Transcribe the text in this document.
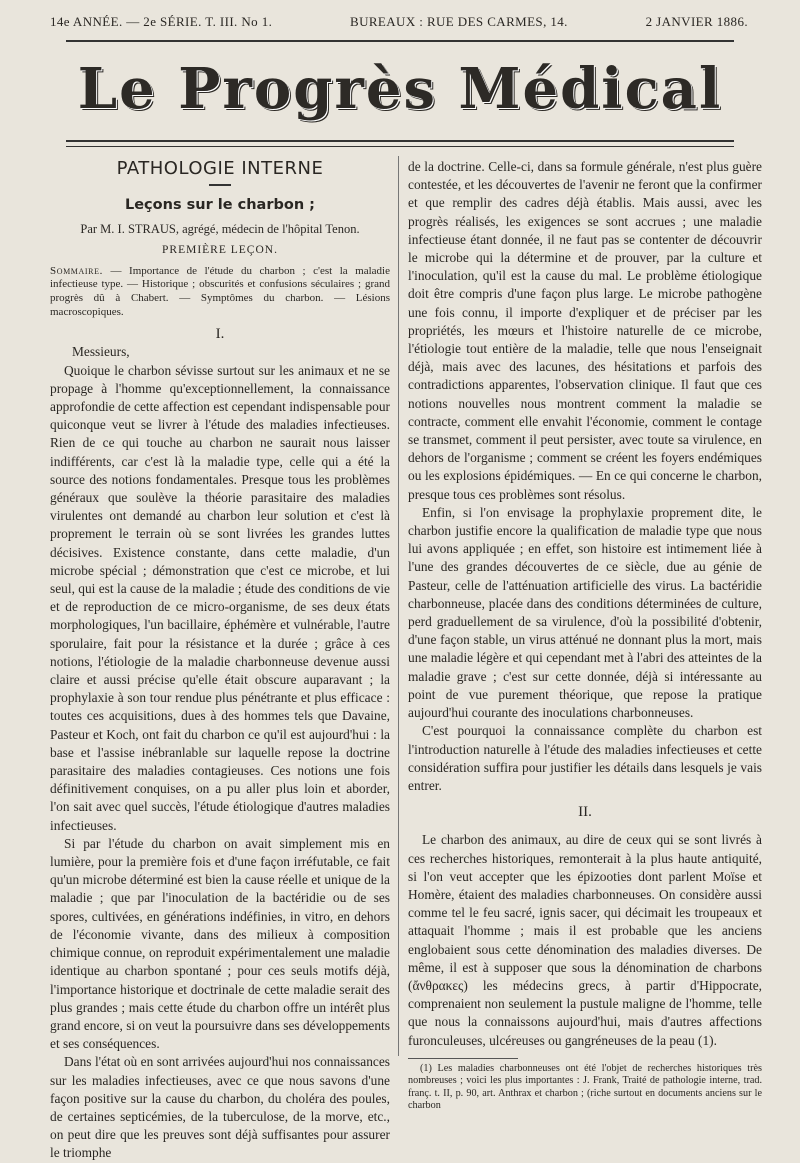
14e ANNÉE. — 2e SÉRIE. T. III. No 1.	BUREAUX : RUE DES CARMES, 14.	2 JANVIER 1886.
Le Progrès Médical
PATHOLOGIE INTERNE
Leçons sur le charbon ;
Par M. I. STRAUS, agrégé, médecin de l'hôpital Tenon.
PREMIÈRE LEÇON.
Sommaire. — Importance de l'étude du charbon ; c'est la maladie infectieuse type. — Historique ; obscurités et confusions séculaires ; grand progrès dû à Chabert. — Symptômes du charbon. — Lésions macroscopiques.
I.
Messieurs,

Quoique le charbon sévisse surtout sur les animaux et ne se propage à l'homme qu'exceptionnellement, la connaissance approfondie de cette affection est cependant indispensable pour quiconque veut se livrer à l'étude des maladies infectieuses. Rien de ce qui touche au charbon ne saurait nous laisser indifférents, car c'est là la maladie type, celle qui a été la source des notions fondamentales. Presque tous les problèmes généraux que soulève la théorie parasitaire des maladies virulentes ont demandé au charbon leur solution et c'est là proprement le terrain où se sont livrées les grandes luttes décisives. Existence constante, dans cette maladie, d'un microbe spécial ; démonstration que c'est ce microbe, et lui seul, qui est la cause de la maladie ; étude des conditions de vie et de reproduction de ce micro-organisme, de ses deux états morphologiques, l'un bacillaire, éphémère et vulnérable, l'autre sporulaire, fait pour la résistance et la durée ; grâce à ces notions, l'étiologie de la maladie charbonneuse devenue aussi claire et aussi précise qu'elle était obscure auparavant ; la prophylaxie à son tour rendue plus pénétrante et plus efficace : toutes ces acquisitions, dues à des hommes tels que Davaine, Pasteur et Koch, ont fait du charbon ce qu'il est aujourd'hui : la base et l'assise inébranlable sur laquelle repose la doctrine parasitaire des maladies contagieuses. Ces notions une fois définitivement conquises, on a pu aller plus loin et aborder, l'on sait avec quel succès, l'étude étiologique d'autres maladies infectieuses.

Si par l'étude du charbon on avait simplement mis en lumière, pour la première fois et d'une façon irréfutable, ce fait qu'un microbe déterminé est bien la cause réelle et unique de la maladie ; que par l'inoculation de la bactéridie ou de ses spores, cultivées, en générations indéfinies, in vitro, en dehors de l'économie vivante, dans des milieux à composition chimique connue, on reproduit expérimentalement une maladie identique au charbon spontané ; pour ces seuls motifs déjà, l'importance historique et doctrinale de cette maladie serait des plus grandes ; mais cette étude du charbon offre un intérêt plus grand encore, si on veut la poursuivre dans ses développements et ses conséquences.

Dans l'état où en sont arrivées aujourd'hui nos connaissances sur les maladies infectieuses, avec ce que nous savons d'une façon positive sur la cause du charbon, du choléra des poules, de certaines septicémies, de la tuberculose, de la morve, etc., on peut dire que les preuves sont déjà suffisantes pour assurer le triomphe

de la doctrine. Celle-ci, dans sa formule générale, n'est plus guère contestée, et les découvertes de l'avenir ne feront que la confirmer et que remplir des cadres déjà établis. Mais aussi, avec les progrès réalisés, les exigences se sont accrues ; une maladie infectieuse étant donnée, il ne faut pas se contenter de découvrir le microbe qui la détermine et de prouver, par la culture et l'inoculation, qu'il est la cause du mal. Le problème étiologique doit être compris d'une façon plus large. Le microbe pathogène une fois connu, il importe d'expliquer et de préciser par les propriétés, les mœurs et l'histoire naturelle de ce microbe, l'étiologie tout entière de la maladie, telle que nous l'enseignait déjà, mais avec des lacunes, des hésitations et parfois des contradictions apparentes, l'observation clinique. Il faut que ces notions nouvelles nous montrent comment la maladie se contracte, comment elle envahit l'économie, comment le contage se transmet, comment il peut persister, avec toute sa virulence, en dehors de l'organisme ; comment se créent les foyers endémiques ou les explosions épidémiques. — En ce qui concerne le charbon, presque tous ces problèmes sont résolus.

Enfin, si l'on envisage la prophylaxie proprement dite, le charbon justifie encore la qualification de maladie type que nous lui avons appliquée ; en effet, son histoire est intimement liée à l'une des grandes découvertes de ce siècle, due au génie de Pasteur, celle de l'atténuation artificielle des virus. La bactéridie charbonneuse, placée dans des conditions déterminées de culture, perd graduellement de sa virulence, d'où la possibilité d'obtenir, d'une façon stable, un virus atténué ne donnant plus la mort, mais une maladie légère et qui cependant met à l'abri des atteintes de la maladie grave ; c'est sur cette donnée, déjà si intéressante au point de vue purement théorique, que repose la pratique aujourd'hui courante des inoculations charbonneuses.

C'est pourquoi la connaissance complète du charbon est l'introduction naturelle à l'étude des maladies infectieuses et cette considération suffira pour justifier les détails dans lesquels je vais entrer.

II.

Le charbon des animaux, au dire de ceux qui se sont livrés à ces recherches historiques, remonterait à la plus haute antiquité, si l'on veut accepter que les épizooties dont parlent Moïse et Homère, étaient des maladies charbonneuses. On considère aussi comme tel le feu sacré, ignis sacer, qui décimait les troupeaux et attaquait l'homme ; mais il est probable que les anciens englobaient sous cette dénomination des maladies diverses. De même, il est à supposer que sous la dénomination de charbons (ἄνθρακες) les médecins grecs, à partir d'Hippocrate, comprenaient non seulement la pustule maligne de l'homme, telle que nous la connaissons aujourd'hui, mais d'autres affections furonculeuses, ulcéreuses ou gangréneuses de la peau (1).

(1) Les maladies charbonneuses ont été l'objet de recherches historiques très nombreuses ; voici les plus importantes : J. Frank, Traité de pathologie interne, trad. franç. t. II, p. 90, art. Anthrax et charbon ; (riche surtout en documents anciens sur le charbon
